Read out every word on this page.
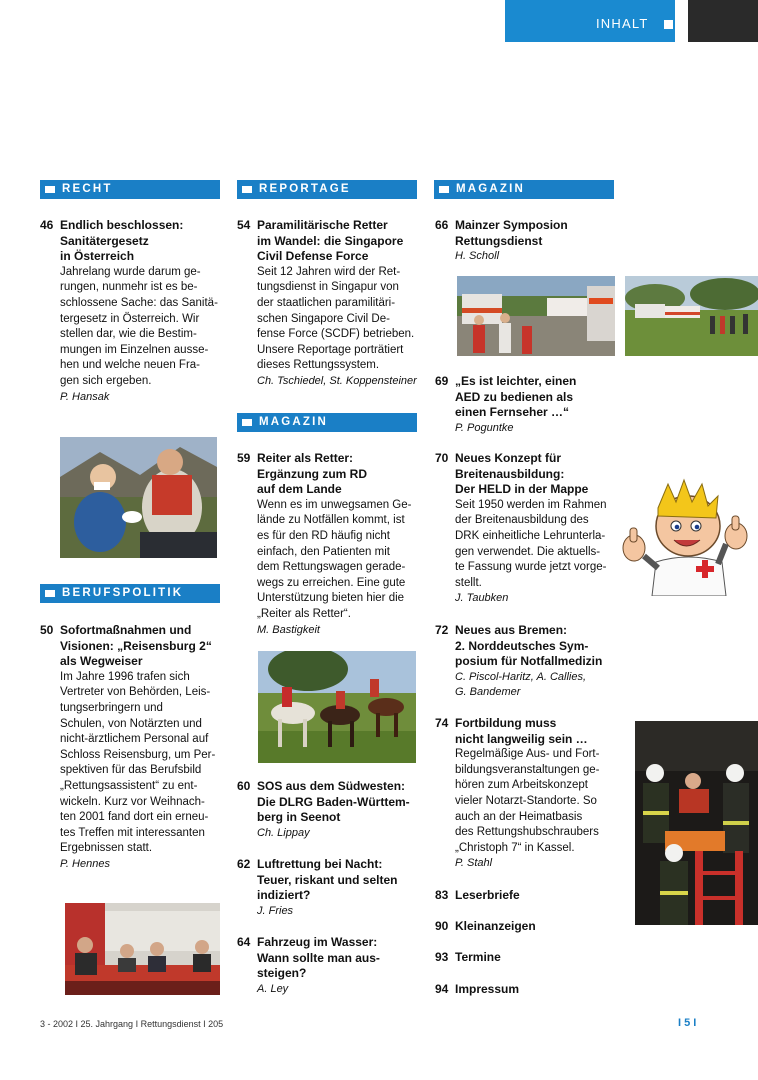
INHALT
RECHT	REPORTAGE	MAGAZIN
MAGAZIN
BERUFSPOLITIK
46 Endlich beschlossen:
Sanitätergesetz
in Österreich
Jahrelang wurde darum ge-
rungen, nunmehr ist es be-
schlossene Sache: das Sanitä-
tergesetz in Österreich. Wir
stellen dar, wie die Bestim-
mungen im Einzelnen ausse-
hen und welche neuen Fra-
gen sich ergeben.
P. Hansak
50 Sofortmaßnahmen und
Visionen: „Reisensburg 2“
als Wegweiser
Im Jahre 1996 trafen sich
Vertreter von Behörden, Leis-
tungserbringern und
Schulen, von Notärzten und
nicht-ärztlichem Personal auf
Schloss Reisensburg, um Per-
spektiven für das Berufsbild
„Rettungsassistent“ zu ent-
wickeln. Kurz vor Weihnach-
ten 2001 fand dort ein erneu-
tes Treffen mit interessanten
Ergebnissen statt.
P. Hennes
54 Paramilitärische Retter
im Wandel: die Singapore
Civil Defense Force
Seit 12 Jahren wird der Ret-
tungsdienst in Singapur von
der staatlichen paramilitäri-
schen Singapore Civil De-
fense Force (SCDF) betrieben.
Unsere Reportage porträtiert
dieses Rettungssystem.
Ch. Tschiedel, St. Koppensteiner
59 Reiter als Retter:
Ergänzung zum RD
auf dem Lande
Wenn es im unwegsamen Ge-
lände zu Notfällen kommt, ist
es für den RD häufig nicht
einfach, den Patienten mit
dem Rettungswagen gerade-
wegs zu erreichen. Eine gute
Unterstützung bieten hier die
„Reiter als Retter“.
M. Bastigkeit
60 SOS aus dem Südwesten:
Die DLRG Baden-Württem-
berg in Seenot
Ch. Lippay
62 Luftrettung bei Nacht:
Teuer, riskant und selten
indiziert?
J. Fries
64 Fahrzeug im Wasser:
Wann sollte man aus-
steigen?
A. Ley
66 Mainzer Symposion
Rettungsdienst
H. Scholl
69 „Es ist leichter, einen
AED zu bedienen als
einen Fernseher …“
P. Poguntke
70 Neues Konzept für
Breitenausbildung:
Der HELD in der Mappe
Seit 1950 werden im Rahmen
der Breitenausbildung des
DRK einheitliche Lehrunterla-
gen verwendet. Die aktuells-
te Fassung wurde jetzt vorge-
stellt.
J. Taubken
72 Neues aus Bremen:
2. Norddeutsches Sym-
posium für Notfallmedizin
C. Piscol-Haritz, A. Callies,
G. Bandemer
74 Fortbildung muss
nicht langweilig sein …
Regelmäßige Aus- und Fort-
bildungsveranstaltungen ge-
hören zum Arbeitskonzept
vieler Notarzt-Standorte. So
auch an der Heimatbasis
des Rettungshubschraubers
„Christoph 7“ in Kassel.
P. Stahl
83 Leserbriefe
90 Kleinanzeigen
93 Termine
94 Impressum
3 - 2002 I 25. Jahrgang I Rettungsdienst I 205	I 5 I
